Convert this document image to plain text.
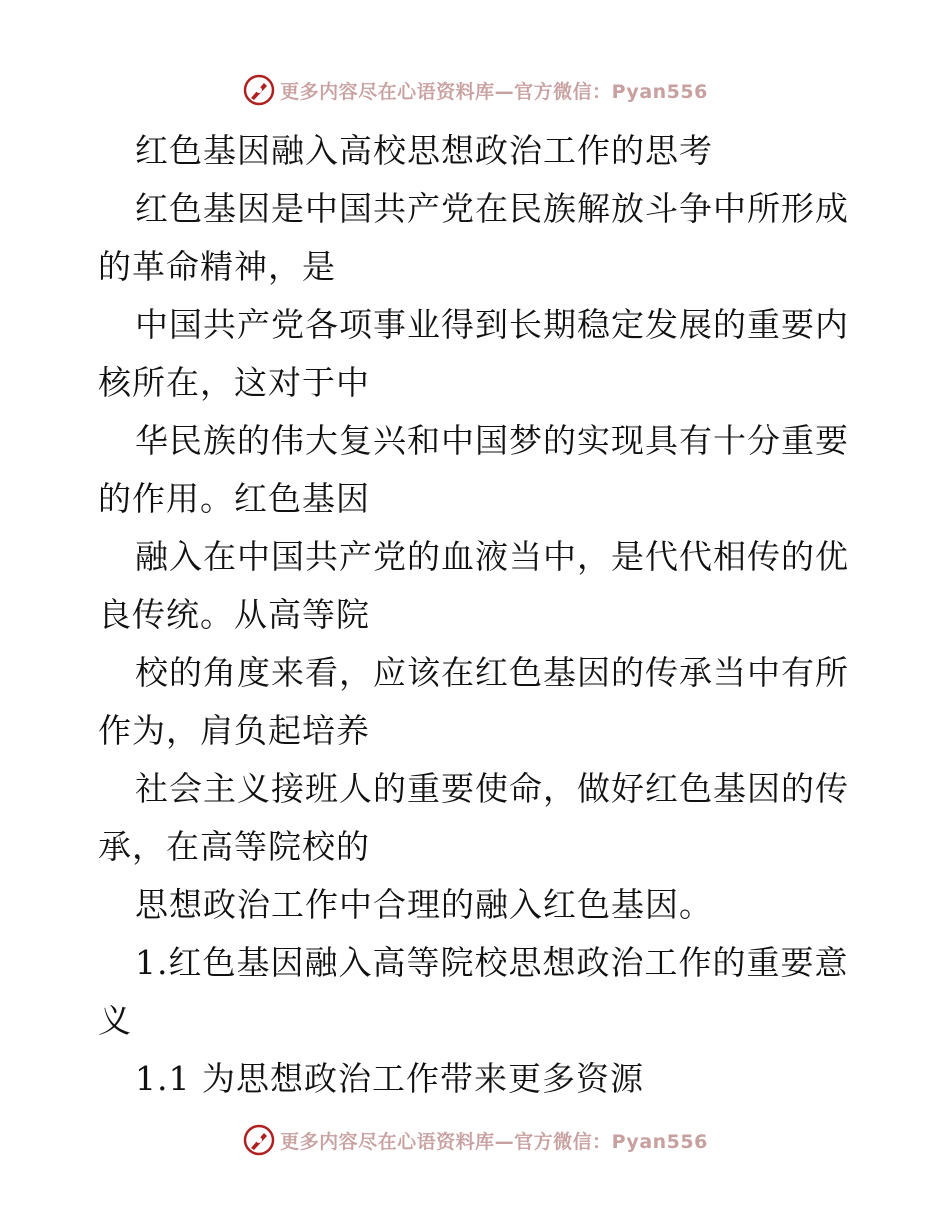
更多内容尽在心语资料库—官方微信：Pyan556
红色基因融入高校思想政治工作的思考
红色基因是中国共产党在民族解放斗争中所形成
的革命精神，是
中国共产党各项事业得到长期稳定发展的重要内
核所在，这对于中
华民族的伟大复兴和中国梦的实现具有十分重要
的作用。红色基因
融入在中国共产党的血液当中，是代代相传的优
良传统。从高等院
校的角度来看，应该在红色基因的传承当中有所
作为，肩负起培养
社会主义接班人的重要使命，做好红色基因的传
承，在高等院校的
思想政治工作中合理的融入红色基因。
1.红色基因融入高等院校思想政治工作的重要意
义
1.1 为思想政治工作带来更多资源
更多内容尽在心语资料库—官方微信：Pyan556
